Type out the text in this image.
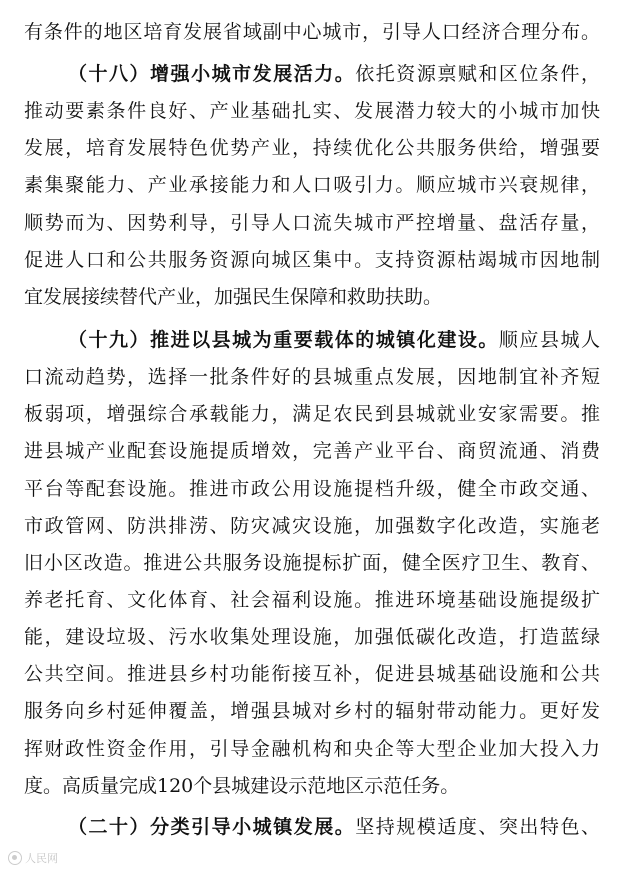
有条件的地区培育发展省域副中心城市，引导人口经济合理分布。
（十八）增强小城市发展活力。依托资源禀赋和区位条件，
推动要素条件良好、产业基础扎实、发展潜力较大的小城市加快
发展，培育发展特色优势产业，持续优化公共服务供给，增强要
素集聚能力、产业承接能力和人口吸引力。顺应城市兴衰规律，
顺势而为、因势利导，引导人口流失城市严控增量、盘活存量，
促进人口和公共服务资源向城区集中。支持资源枯竭城市因地制
宜发展接续替代产业，加强民生保障和救助扶助。
（十九）推进以县城为重要载体的城镇化建设。顺应县城人
口流动趋势，选择一批条件好的县城重点发展，因地制宜补齐短
板弱项，增强综合承载能力，满足农民到县城就业安家需要。推
进县城产业配套设施提质增效，完善产业平台、商贸流通、消费
平台等配套设施。推进市政公用设施提档升级，健全市政交通、
市政管网、防洪排涝、防灾减灾设施，加强数字化改造，实施老
旧小区改造。推进公共服务设施提标扩面，健全医疗卫生、教育、
养老托育、文化体育、社会福利设施。推进环境基础设施提级扩
能，建设垃圾、污水收集处理设施，加强低碳化改造，打造蓝绿
公共空间。推进县乡村功能衔接互补，促进县城基础设施和公共
服务向乡村延伸覆盖，增强县城对乡村的辐射带动能力。更好发
挥财政性资金作用，引导金融机构和央企等大型企业加大投入力
度。高质量完成120个县城建设示范地区示范任务。
（二十）分类引导小城镇发展。坚持规模适度、突出特色、
人民网
